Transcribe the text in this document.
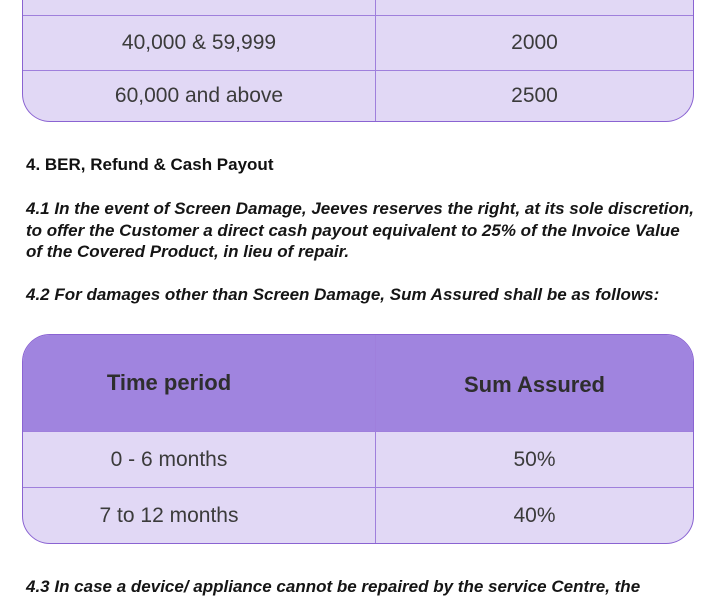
40,000 & 59,999	2000
60,000 and above	2500
4. BER, Refund & Cash Payout

4.1 In the event of Screen Damage, Jeeves reserves the right, at its sole discretion, to offer the Customer a direct cash payout equivalent to 25% of the Invoice Value of the Covered Product, in lieu of repair.

4.2 For damages other than Screen Damage, Sum Assured shall be as follows:

Time period	Sum Assured
0 - 6 months	50%
7 to 12 months	40%

4.3 In case a device/ appliance cannot be repaired by the service Centre, the
